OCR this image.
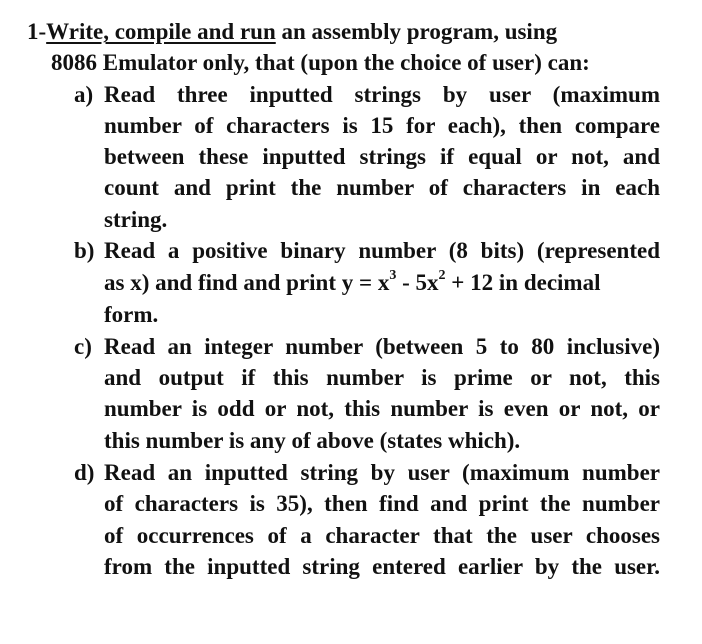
1-Write, compile and run an assembly program, using
8086 Emulator only, that (upon the choice of user) can:
a) Read three inputted strings by user (maximum
number of characters is 15 for each), then compare
between these inputted strings if equal or not, and
count and print the number of characters in each
string.
b) Read a positive binary number (8 bits) (represented
as x) and find and print $y = x^3 - 5x^2 + 12$ in decimal
form.
c) Read an integer number (between 5 to 80 inclusive)
and output if this number is prime or not, this
number is odd or not, this number is even or not, or
this number is any of above (states which).
d) Read an inputted string by user (maximum number
of characters is 35), then find and print the number
of occurrences of a character that the user chooses
from the inputted string entered earlier by the user.
